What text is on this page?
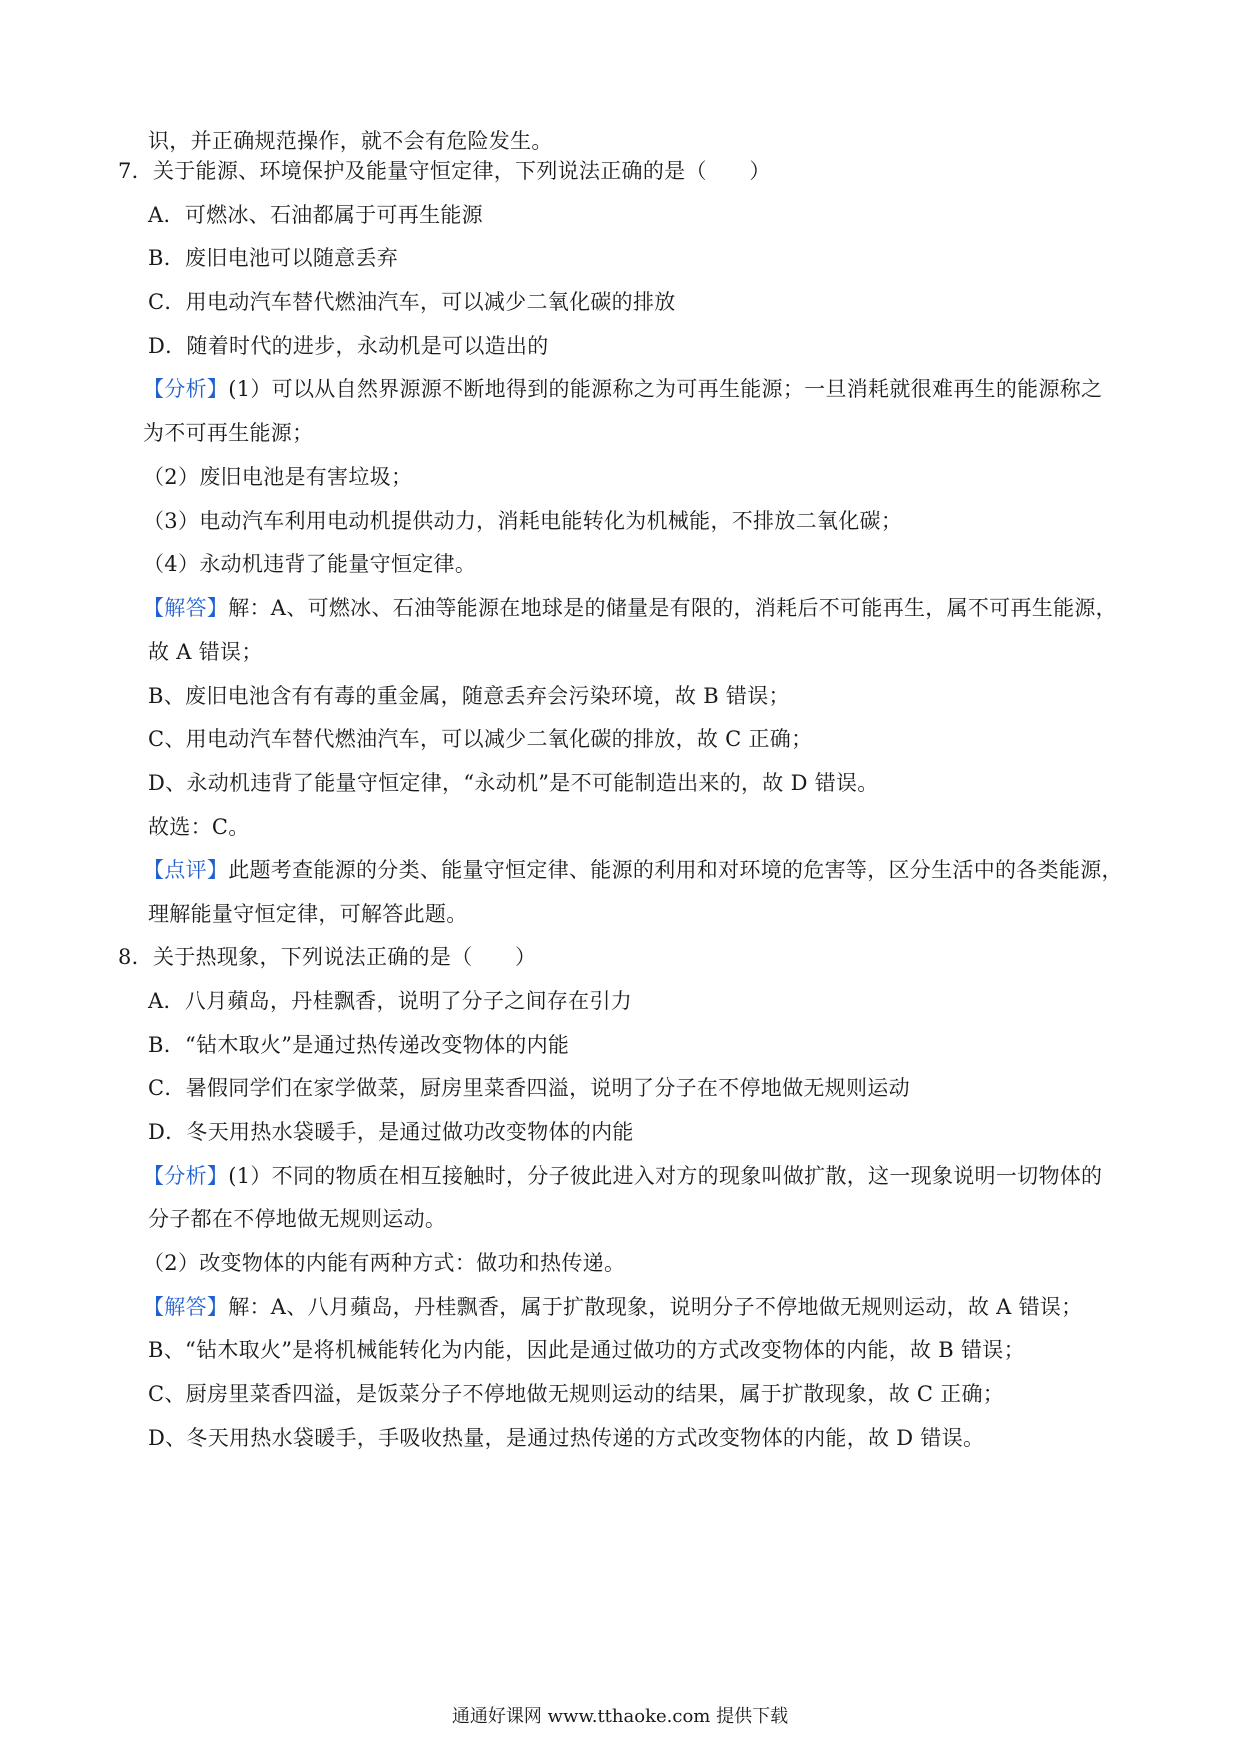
识，并正确规范操作，就不会有危险发生。
7．关于能源、环境保护及能量守恒定律，下列说法正确的是（　　）
A．可燃冰、石油都属于可再生能源
B．废旧电池可以随意丢弃
C．用电动汽车替代燃油汽车，可以减少二氧化碳的排放
D．随着时代的进步，永动机是可以造出的
【分析】(1）可以从自然界源源不断地得到的能源称之为可再生能源；一旦消耗就很难再生的能源称之
为不可再生能源；
（2）废旧电池是有害垃圾；
（3）电动汽车利用电动机提供动力，消耗电能转化为机械能，不排放二氧化碳；
（4）永动机违背了能量守恒定律。
【解答】解：A、可燃冰、石油等能源在地球是的储量是有限的，消耗后不可能再生，属不可再生能源，
故 A 错误；
B、废旧电池含有有毒的重金属，随意丢弃会污染环境，故 B 错误；
C、用电动汽车替代燃油汽车，可以减少二氧化碳的排放，故 C 正确；
D、永动机违背了能量守恒定律，“永动机”是不可能制造出来的，故 D 错误。
故选：C。
【点评】此题考查能源的分类、能量守恒定律、能源的利用和对环境的危害等，区分生活中的各类能源，
理解能量守恒定律，可解答此题。
8．关于热现象，下列说法正确的是（　　）
A．八月蘋岛，丹桂飘香，说明了分子之间存在引力
B．“钻木取火”是通过热传递改变物体的内能
C．暑假同学们在家学做菜，厨房里菜香四溢，说明了分子在不停地做无规则运动
D．冬天用热水袋暖手，是通过做功改变物体的内能
【分析】(1）不同的物质在相互接触时，分子彼此进入对方的现象叫做扩散，这一现象说明一切物体的
分子都在不停地做无规则运动。
（2）改变物体的内能有两种方式：做功和热传递。
【解答】解：A、八月蘋岛，丹桂飘香，属于扩散现象，说明分子不停地做无规则运动，故 A 错误；
B、“钻木取火”是将机械能转化为内能，因此是通过做功的方式改变物体的内能，故 B 错误；
C、厨房里菜香四溢，是饭菜分子不停地做无规则运动的结果，属于扩散现象，故 C 正确；
D、冬天用热水袋暖手，手吸收热量，是通过热传递的方式改变物体的内能，故 D 错误。
通通好课网 www.tthaoke.com 提供下载
